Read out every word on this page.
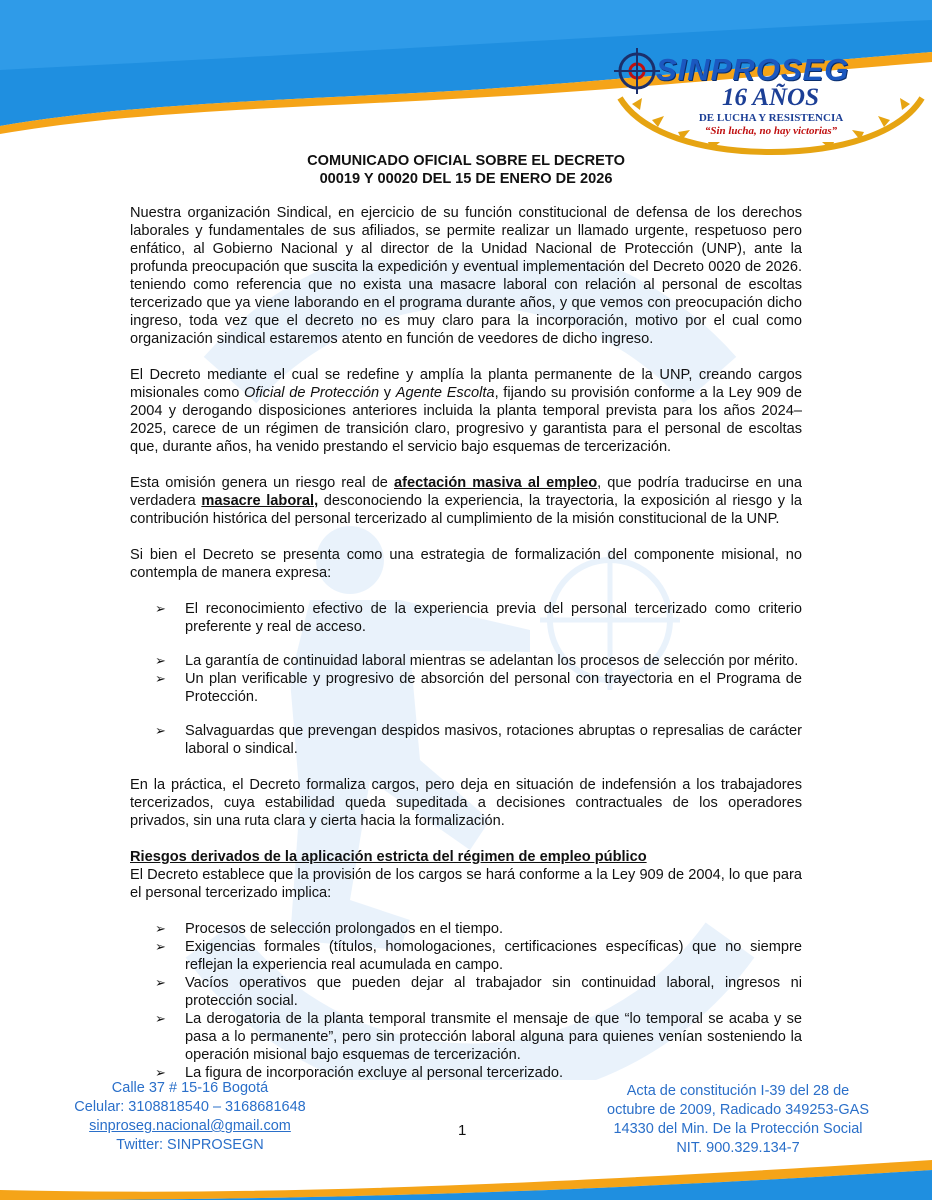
SINPROSEG
16 AÑOS
DE LUCHA Y RESISTENCIA
“Sin lucha, no hay victorias”
COMUNICADO OFICIAL SOBRE EL DECRETO
00019 Y 00020 DEL 15 DE ENERO DE 2026

Nuestra organización Sindical, en ejercicio de su función constitucional de defensa de los derechos laborales y fundamentales de sus afiliados, se permite realizar un llamado urgente, respetuoso pero enfático, al Gobierno Nacional y al director de la Unidad Nacional de Protección (UNP), ante la profunda preocupación que suscita la expedición y eventual implementación del Decreto 0020 de 2026. teniendo como referencia que no exista una masacre laboral con relación al personal de escoltas tercerizado que ya viene laborando en el programa durante años, y que vemos con preocupación dicho ingreso, toda vez que el decreto no es muy claro para la incorporación, motivo por el cual como organización sindical estaremos atento en función de veedores de dicho ingreso.

El Decreto mediante el cual se redefine y amplía la planta permanente de la UNP, creando cargos misionales como Oficial de Protección y Agente Escolta, fijando su provisión conforme a la Ley 909 de 2004 y derogando disposiciones anteriores incluida la planta temporal prevista para los años 2024–2025, carece de un régimen de transición claro, progresivo y garantista para el personal de escoltas que, durante años, ha venido prestando el servicio bajo esquemas de tercerización.

Esta omisión genera un riesgo real de afectación masiva al empleo, que podría traducirse en una verdadera masacre laboral, desconociendo la experiencia, la trayectoria, la exposición al riesgo y la contribución histórica del personal tercerizado al cumplimiento de la misión constitucional de la UNP.

Si bien el Decreto se presenta como una estrategia de formalización del componente misional, no contempla de manera expresa:

➢ El reconocimiento efectivo de la experiencia previa del personal tercerizado como criterio preferente y real de acceso.
➢ La garantía de continuidad laboral mientras se adelantan los procesos de selección por mérito.
➢ Un plan verificable y progresivo de absorción del personal con trayectoria en el Programa de Protección.
➢ Salvaguardas que prevengan despidos masivos, rotaciones abruptas o represalias de carácter laboral o sindical.

En la práctica, el Decreto formaliza cargos, pero deja en situación de indefensión a los trabajadores tercerizados, cuya estabilidad queda supeditada a decisiones contractuales de los operadores privados, sin una ruta clara y cierta hacia la formalización.

Riesgos derivados de la aplicación estricta del régimen de empleo público

El Decreto establece que la provisión de los cargos se hará conforme a la Ley 909 de 2004, lo que para el personal tercerizado implica:

➢ Procesos de selección prolongados en el tiempo.
➢ Exigencias formales (títulos, homologaciones, certificaciones específicas) que no siempre reflejan la experiencia real acumulada en campo.
➢ Vacíos operativos que pueden dejar al trabajador sin continuidad laboral, ingresos ni protección social.
➢ La derogatoria de la planta temporal transmite el mensaje de que “lo temporal se acaba y se pasa a lo permanente”, pero sin protección laboral alguna para quienes venían sosteniendo la operación misional bajo esquemas de tercerización.
➢ La figura de incorporación excluye al personal tercerizado.
Calle 37 # 15-16 Bogotá
Celular: 3108818540 – 3168681648
sinproseg.nacional@gmail.com
Twitter: SINPROSEGN
1
Acta de constitución I-39 del 28 de octubre de 2009, Radicado 349253-GAS 14330 del Min. De la Protección Social NIT. 900.329.134-7
